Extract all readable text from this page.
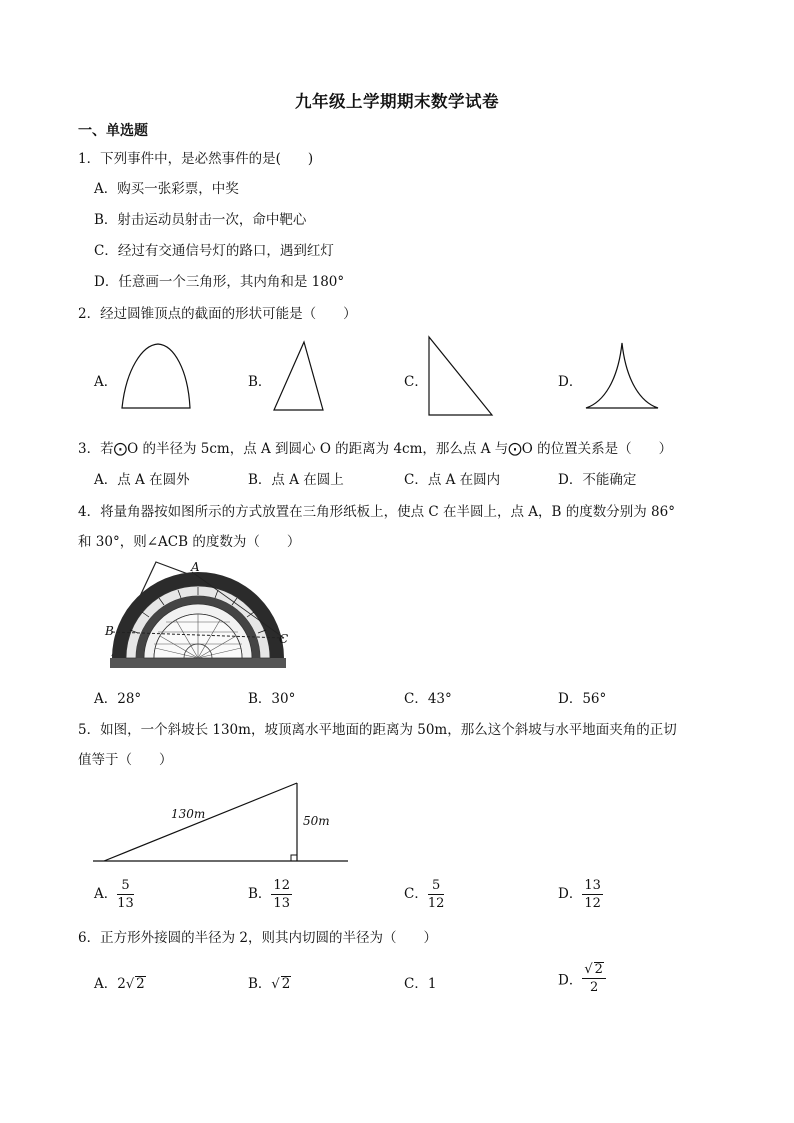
九年级上学期期末数学试卷
一、单选题
1．下列事件中，是必然事件的是(　　)
A．购买一张彩票，中奖
B．射击运动员射击一次，命中靶心
C．经过有交通信号灯的路口，遇到红灯
D．任意画一个三角形，其内角和是 180°
2．经过圆锥顶点的截面的形状可能是（　　）
A．	B．	C．	D．
3．若⨀O 的半径为 5cm，点 A 到圆心 O 的距离为 4cm，那么点 A 与⨀O 的位置关系是（　　）
A．点 A 在圆外	B．点 A 在圆上	C．点 A 在圆内	D．不能确定
4．将量角器按如图所示的方式放置在三角形纸板上，使点 C 在半圆上，点 A，B 的度数分别为 86°
和 30°，则∠ACB 的度数为（　　）
A
B
C
A．28°	B．30°	C．43°	D．56°
5．如图，一个斜坡长 130m，坡顶离水平地面的距离为 50m，那么这个斜坡与水平地面夹角的正切
值等于（　　）
130m	50m
A． $\frac{5}{13}$	B． $\frac{12}{13}$	C． $\frac{5}{12}$	D． $\frac{13}{12}$
6．正方形外接圆的半径为 2，则其内切圆的半径为（　　）
A．2√ 2	B．√ 2	C．1	D． $\frac{√ 2}{2}$
